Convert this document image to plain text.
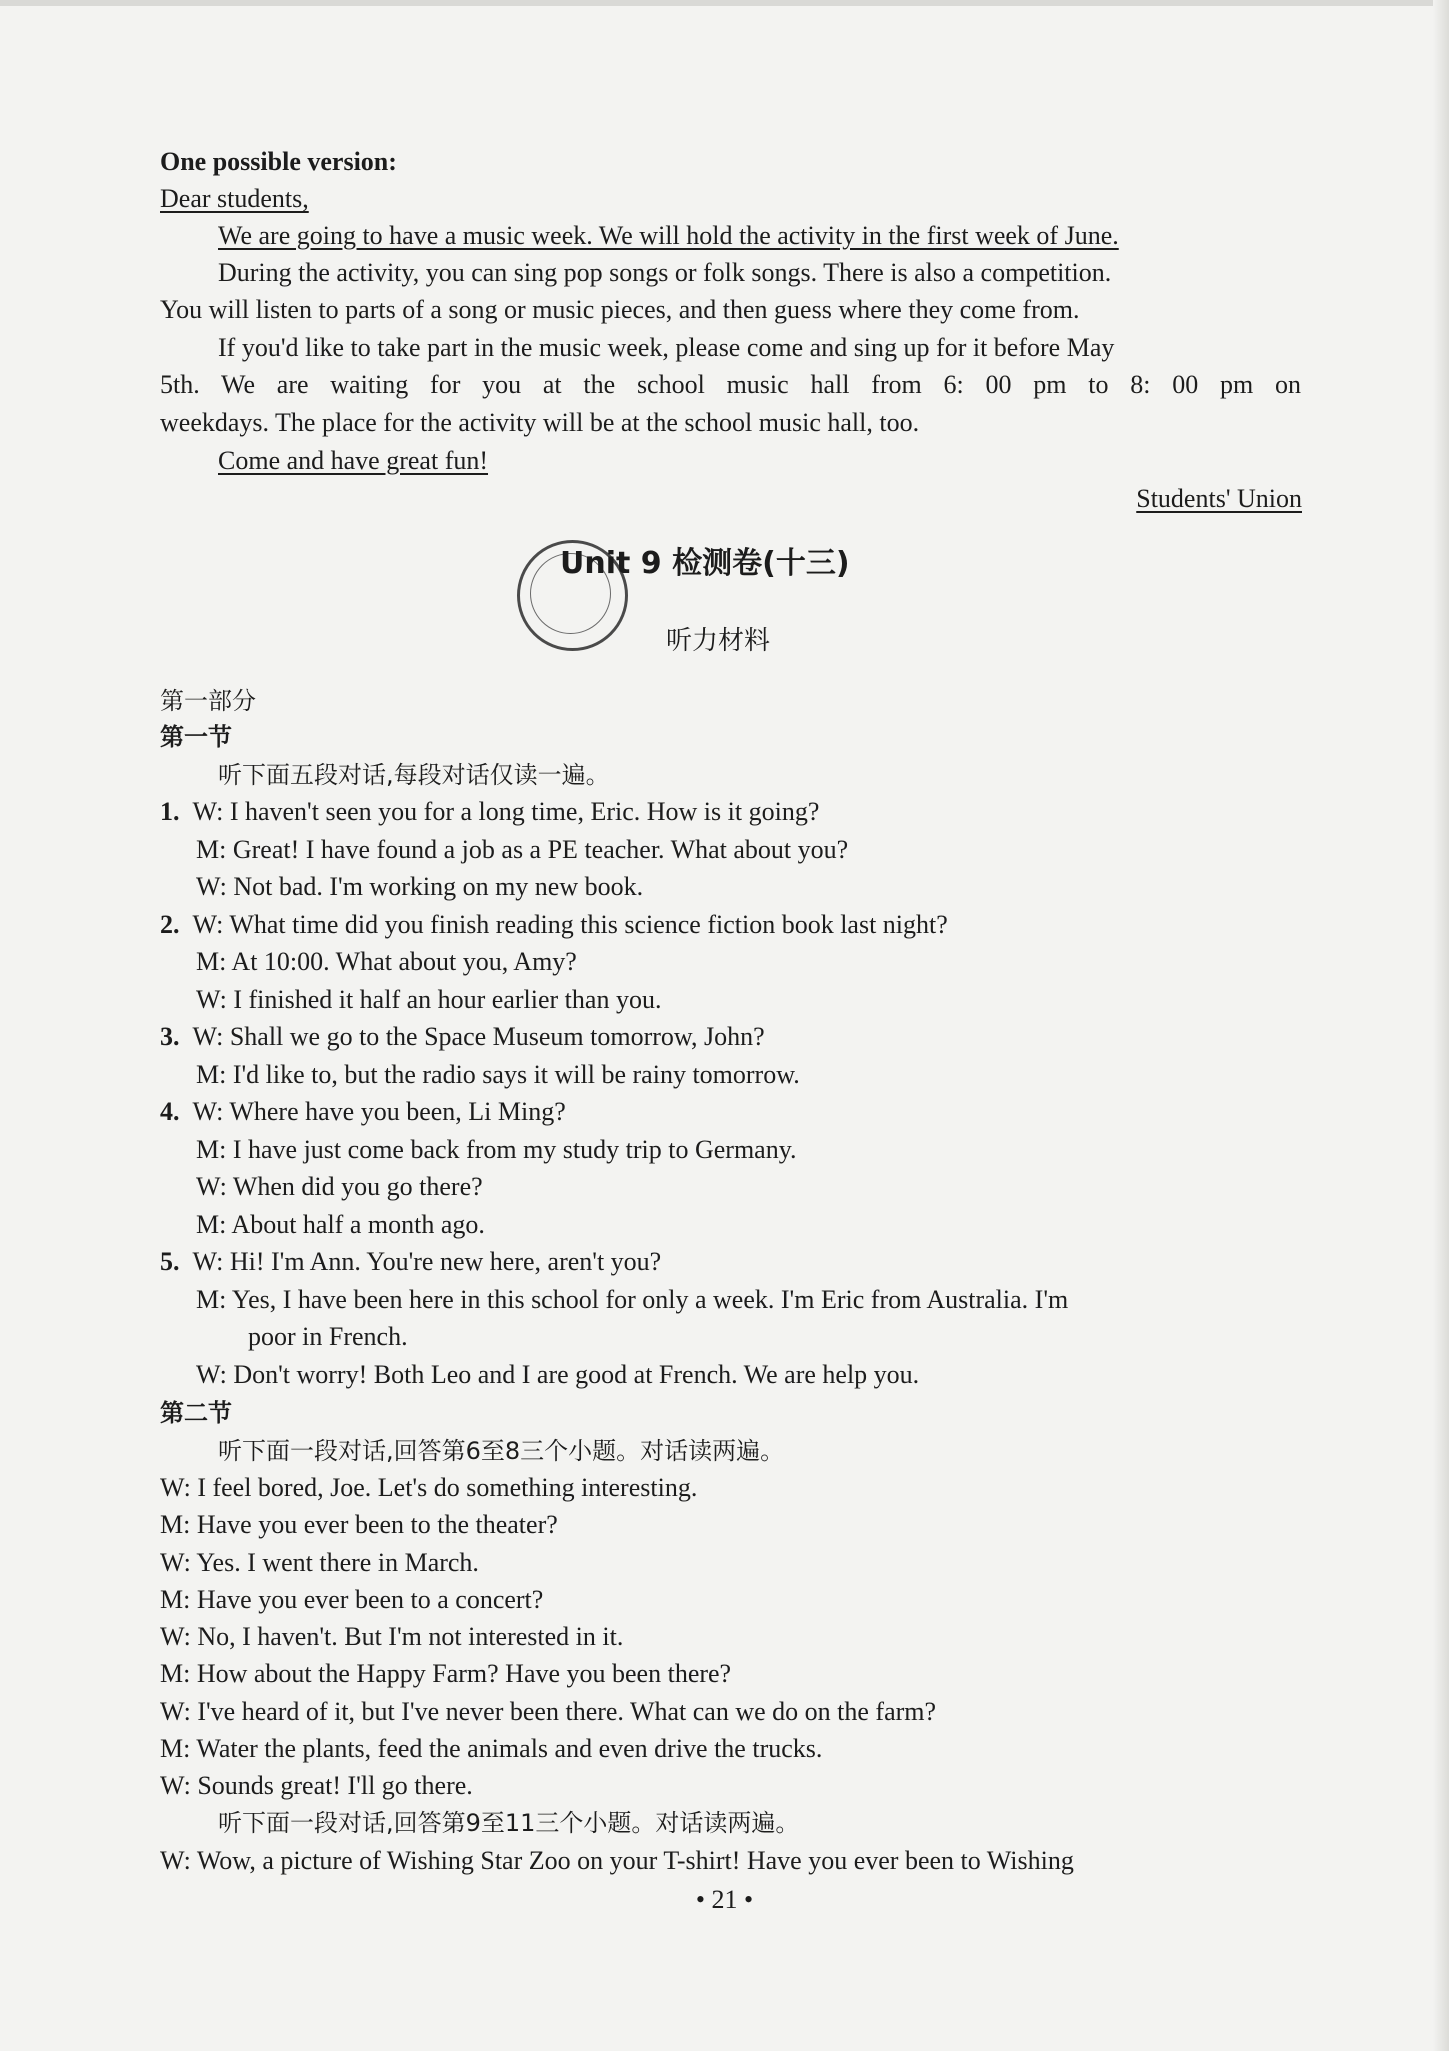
One possible version:
Dear students,
We are going to have a music week. We will hold the activity in the first week of June.
During the activity, you can sing pop songs or folk songs. There is also a competition.
You will listen to parts of a song or music pieces, and then guess where they come from.
If you'd like to take part in the music week, please come and sing up for it before May
5th. We are waiting for you at the school music hall from 6: 00 pm to 8: 00 pm on
weekdays. The place for the activity will be at the school music hall, too.
Come and have great fun!
Students' Union
Unit 9 检测卷(十三)
听力材料
第一部分
第一节
听下面五段对话,每段对话仅读一遍。
1. W: I haven't seen you for a long time, Eric. How is it going?
M: Great! I have found a job as a PE teacher. What about you?
W: Not bad. I'm working on my new book.
2. W: What time did you finish reading this science fiction book last night?
M: At 10:00. What about you, Amy?
W: I finished it half an hour earlier than you.
3. W: Shall we go to the Space Museum tomorrow, John?
M: I'd like to, but the radio says it will be rainy tomorrow.
4. W: Where have you been, Li Ming?
M: I have just come back from my study trip to Germany.
W: When did you go there?
M: About half a month ago.
5. W: Hi! I'm Ann. You're new here, aren't you?
M: Yes, I have been here in this school for only a week. I'm Eric from Australia. I'm
poor in French.
W: Don't worry! Both Leo and I are good at French. We are help you.
第二节
听下面一段对话,回答第6至8三个小题。对话读两遍。
W: I feel bored, Joe. Let's do something interesting.
M: Have you ever been to the theater?
W: Yes. I went there in March.
M: Have you ever been to a concert?
W: No, I haven't. But I'm not interested in it.
M: How about the Happy Farm? Have you been there?
W: I've heard of it, but I've never been there. What can we do on the farm?
M: Water the plants, feed the animals and even drive the trucks.
W: Sounds great! I'll go there.
听下面一段对话,回答第9至11三个小题。对话读两遍。
W: Wow, a picture of Wishing Star Zoo on your T-shirt! Have you ever been to Wishing
• 21 •
